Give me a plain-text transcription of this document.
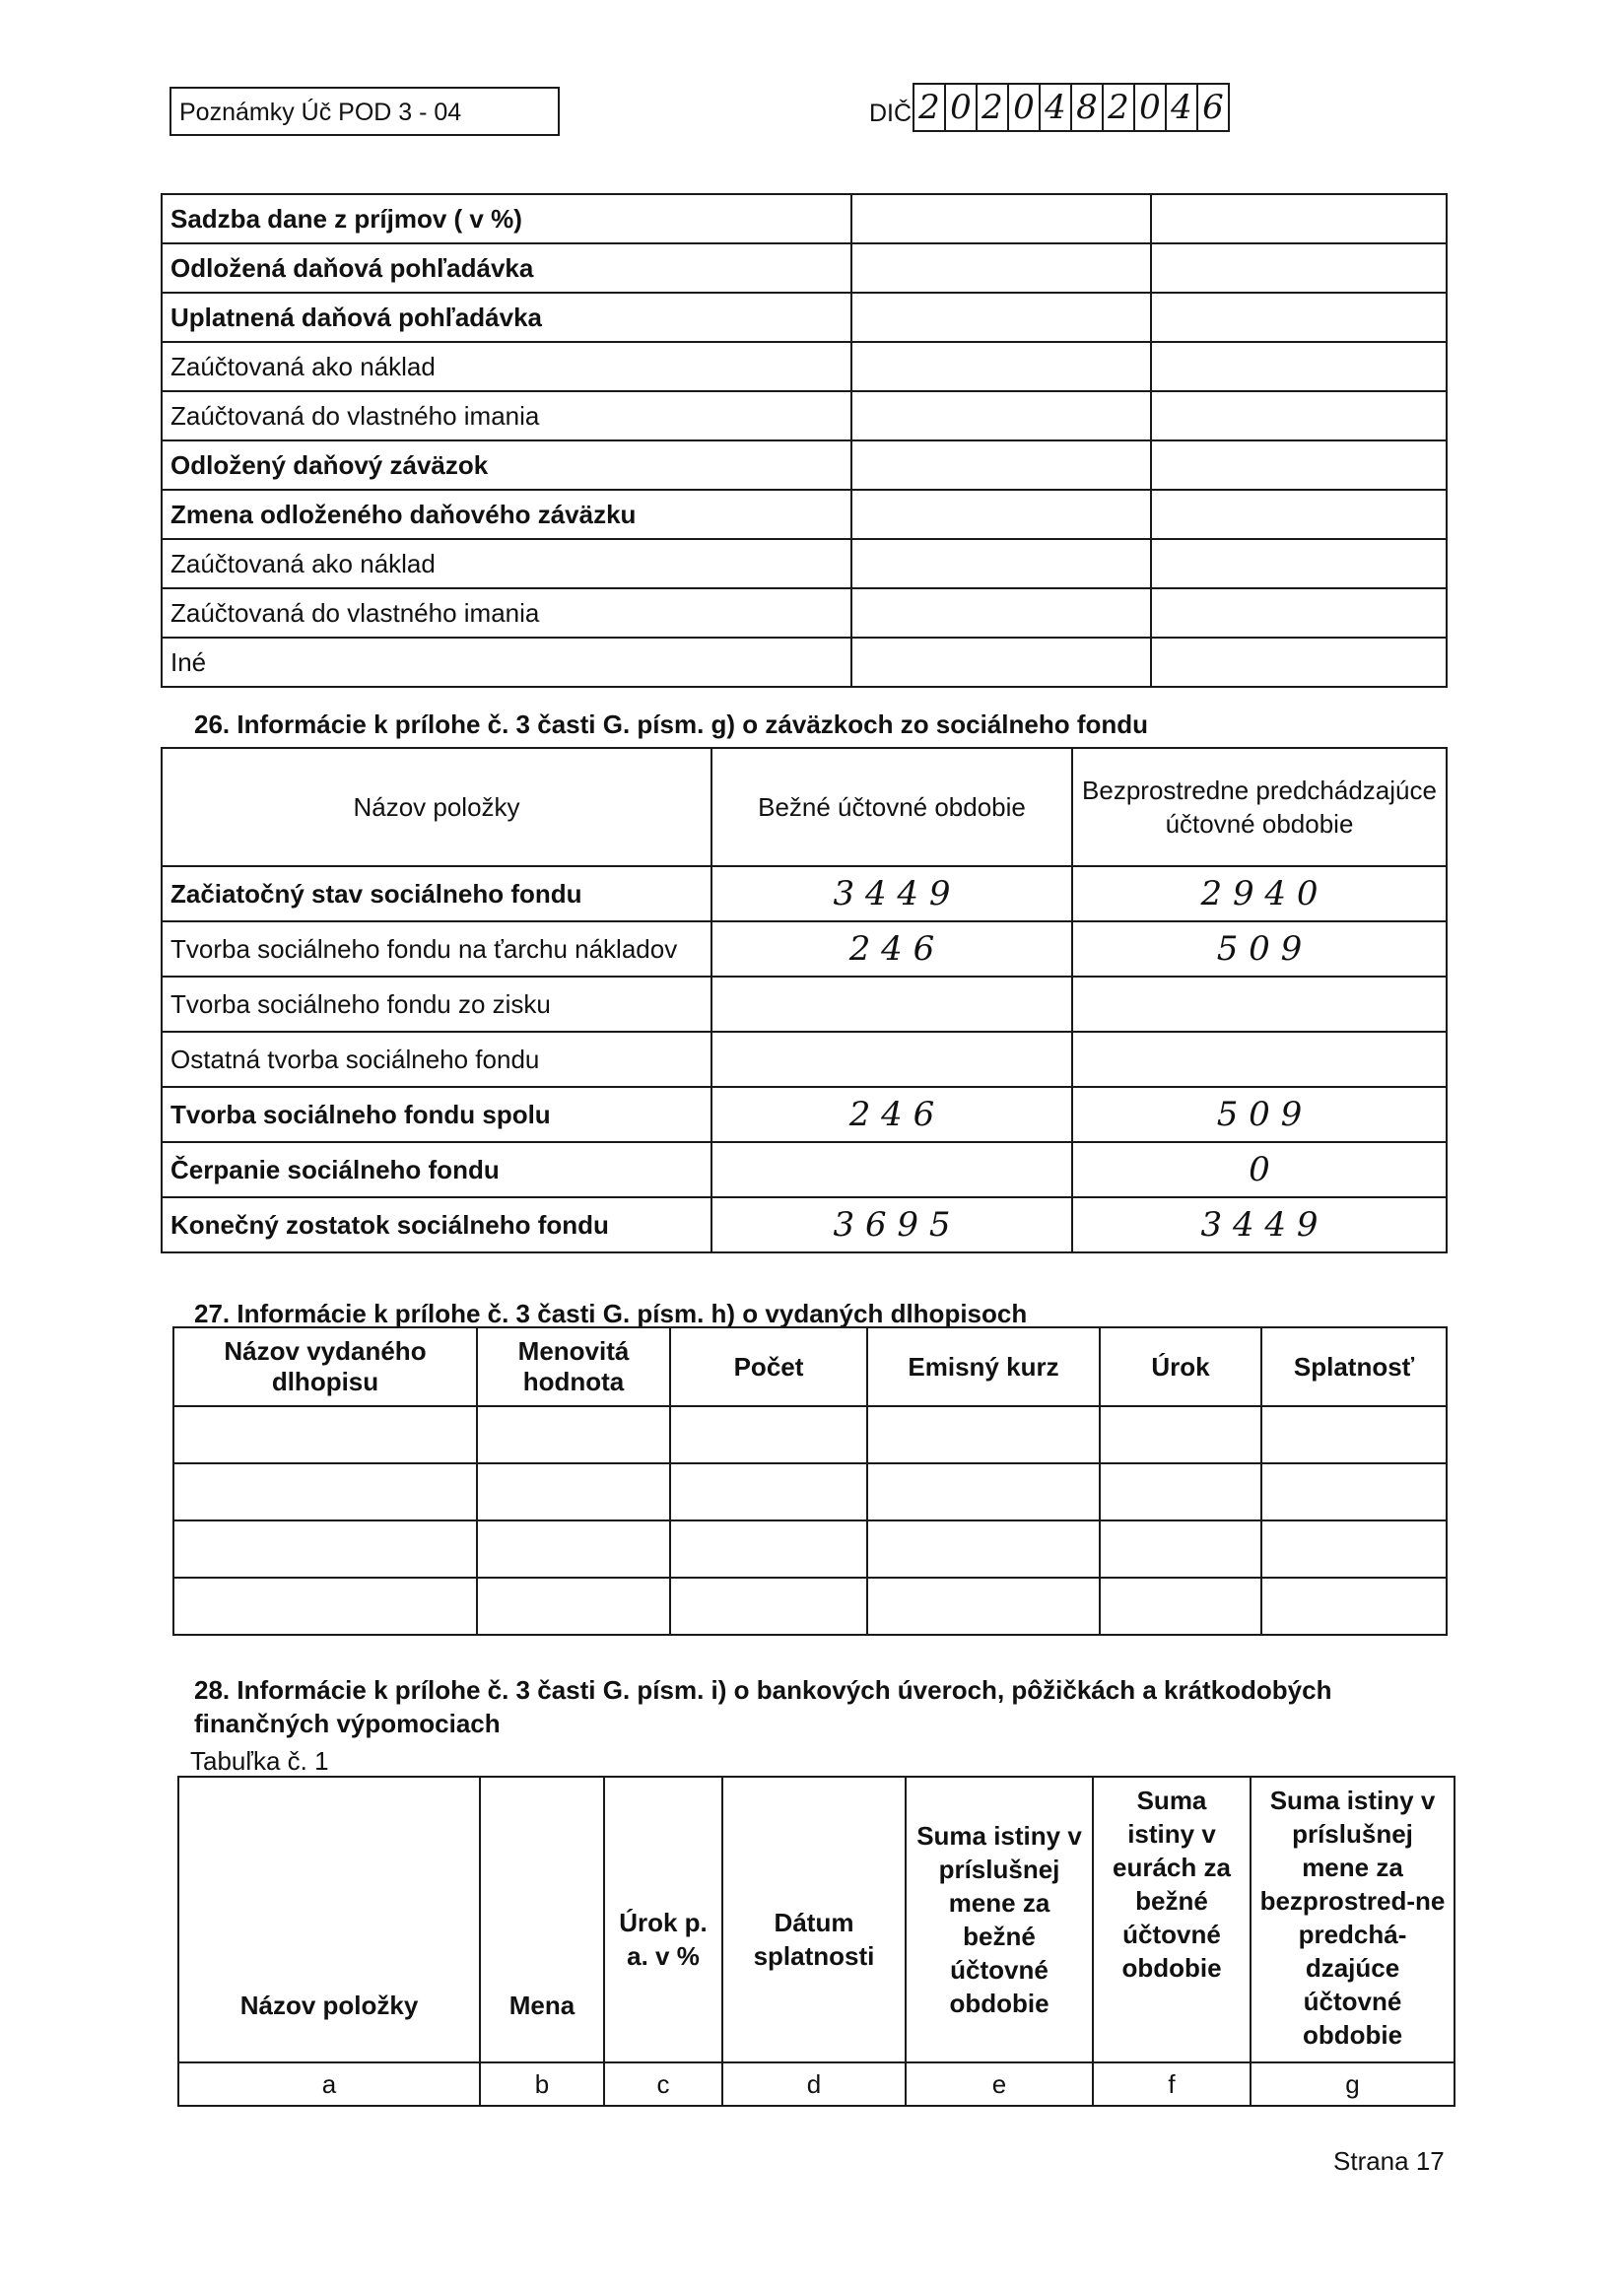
Poznámky Úč POD 3 - 04	DIČ 2	0	2	0	4	8	2	0	4	6
Sadzba dane z príjmov ( v %)		
Odložená daňová pohľadávka		
Uplatnená daňová pohľadávka		
Zaúčtovaná ako náklad		
Zaúčtovaná do vlastného imania		
Odložený daňový záväzok		
Zmena odloženého daňového záväzku		
Zaúčtovaná ako náklad		
Zaúčtovaná do vlastného imania		
Iné		
26. Informácie k prílohe č. 3 časti G. písm. g) o záväzkoch zo sociálneho fondu
Názov položky	Bežné účtovné obdobie	Bezprostredne predchádzajúce účtovné obdobie
Začiatočný stav sociálneho fondu	3 4 4 9	2 9 4 0
Tvorba sociálneho fondu na ťarchu nákladov	2 4 6	5 0 9
Tvorba sociálneho fondu zo zisku		
Ostatná tvorba sociálneho fondu		
Tvorba sociálneho fondu spolu	2 4 6	5 0 9
Čerpanie sociálneho fondu		0
Konečný zostatok sociálneho fondu	3 6 9 5	3 4 4 9
27. Informácie k prílohe č. 3 časti G. písm. h) o vydaných dlhopisoch
Názov vydaného dlhopisu	Menovitá hodnota	Počet	Emisný kurz	Úrok	Splatnosť

28. Informácie k prílohe č. 3 časti G. písm. i) o bankových úveroch, pôžičkách a krátkodobých finančných výpomociach
Tabuľka č. 1
Názov položky	Mena	Úrok p. a. v %	Dátum splatnosti	Suma istiny v príslušnej mene za bežné účtovné obdobie	Suma istiny v eurách za bežné účtovné obdobie	Suma istiny v príslušnej mene za bezprostred-ne predchá-dzajúce účtovné obdobie
a	b	c	d	e	f	g
Strana 17
